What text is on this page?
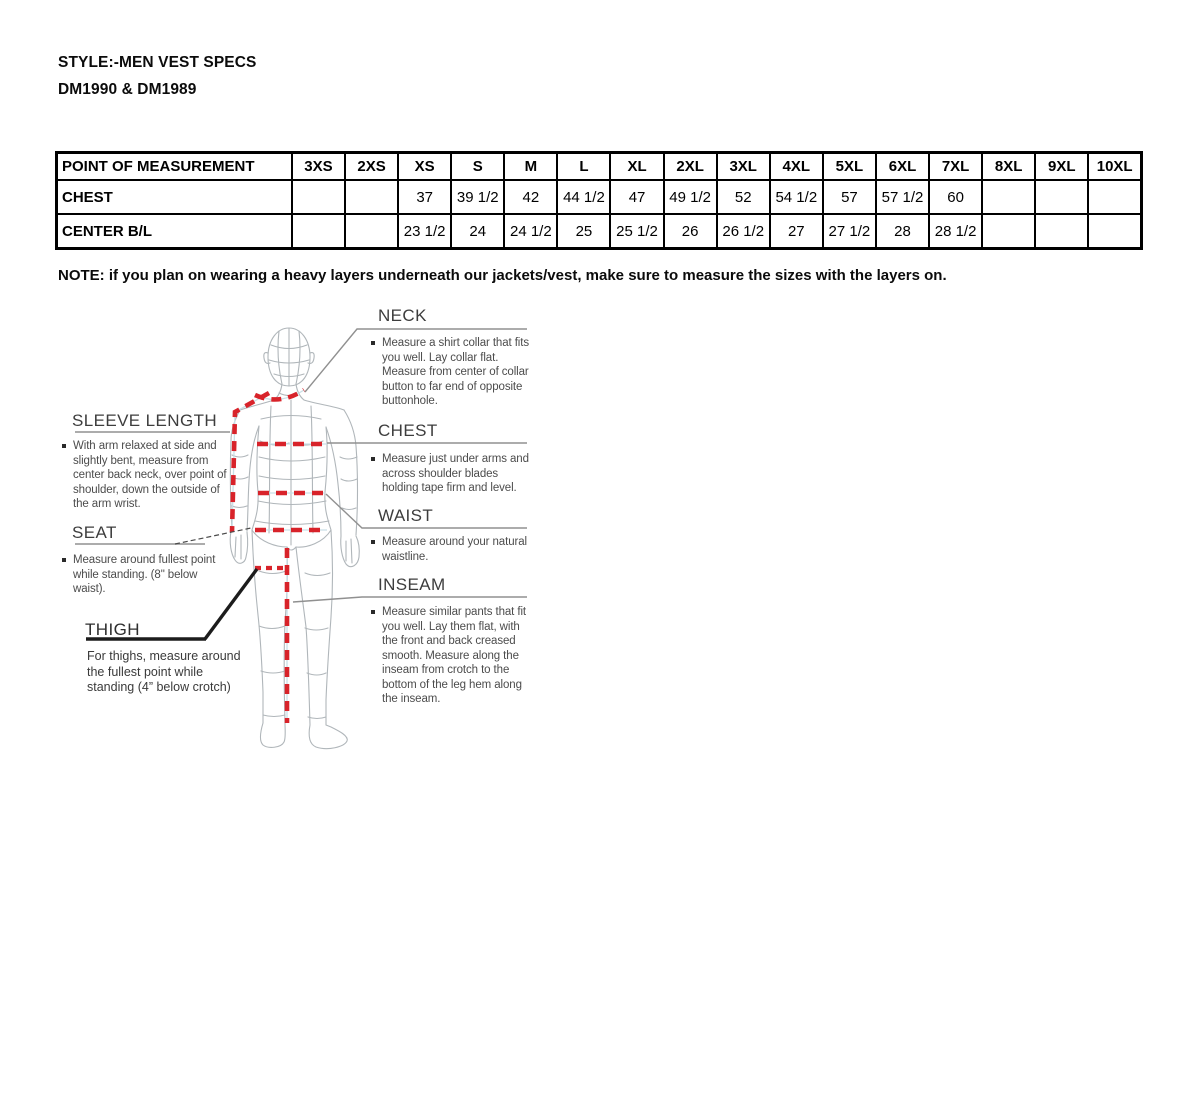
STYLE:-MEN VEST SPECS
DM1990 & DM1989
POINT OF MEASUREMENT	3XS	2XS	XS	S	M	L	XL	2XL	3XL	4XL	5XL	6XL	7XL	8XL	9XL	10XL
CHEST			37	39 1/2	42	44 1/2	47	49 1/2	52	54 1/2	57	57 1/2	60			
CENTER B/L			23 1/2	24	24 1/2	25	25 1/2	26	26 1/2	27	27 1/2	28	28 1/2			
NOTE: if you plan on wearing a heavy layers underneath our jackets/vest, make sure to measure the sizes with the layers on.
NECK
Measure a shirt collar that fits you well. Lay collar flat. Measure from center of collar button to far end of opposite buttonhole.
SLEEVE LENGTH
With arm relaxed at side and slightly bent, measure from center back neck, over point of shoulder, down the outside of the arm wrist.
CHEST
Measure just under arms and across shoulder blades holding tape firm and level.
WAIST
Measure around your natural waistline.
SEAT
Measure around fullest point while standing. (8" below waist).	INSEAM
Measure similar pants that fit you well. Lay them flat, with the front and back creased smooth. Measure along the inseam from crotch to the bottom of the leg hem along the inseam.
THIGH
For thighs, measure around the fullest point while standing (4” below crotch)
